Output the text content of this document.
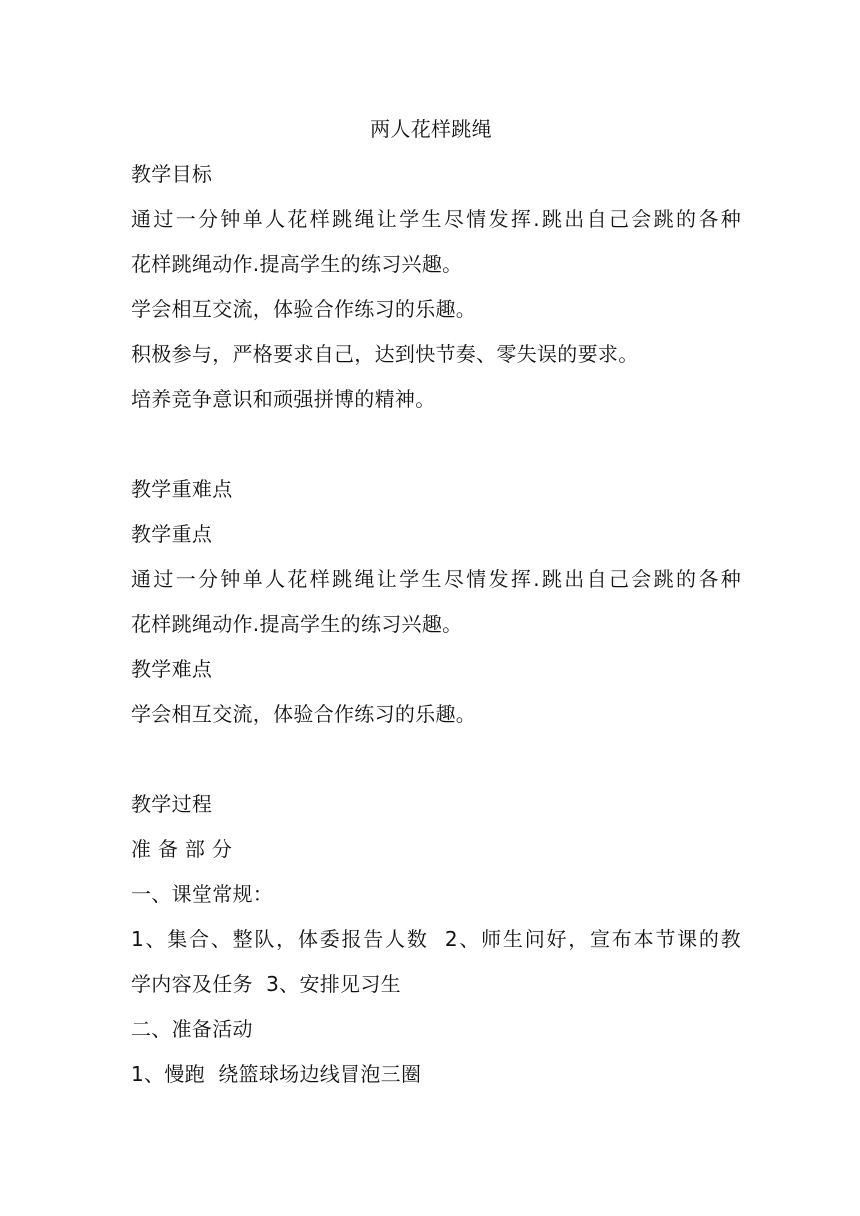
两人花样跳绳
教学目标
通过一分钟单人花样跳绳让学生尽情发挥.跳出自己会跳的各种
花样跳绳动作.提高学生的练习兴趣。
学会相互交流，体验合作练习的乐趣。
积极参与，严格要求自己，达到快节奏、零失误的要求。
培养竞争意识和顽强拼博的精神。
教学重难点
教学重点
通过一分钟单人花样跳绳让学生尽情发挥.跳出自己会跳的各种
花样跳绳动作.提高学生的练习兴趣。
教学难点
学会相互交流，体验合作练习的乐趣。
教学过程
准 备 部 分
一、课堂常规：
1、集合、整队，体委报告人数  2、师生问好，宣布本节课的教
学内容及任务  3、安排见习生
二、准备活动
1、慢跑  绕篮球场边线冒泡三圈
